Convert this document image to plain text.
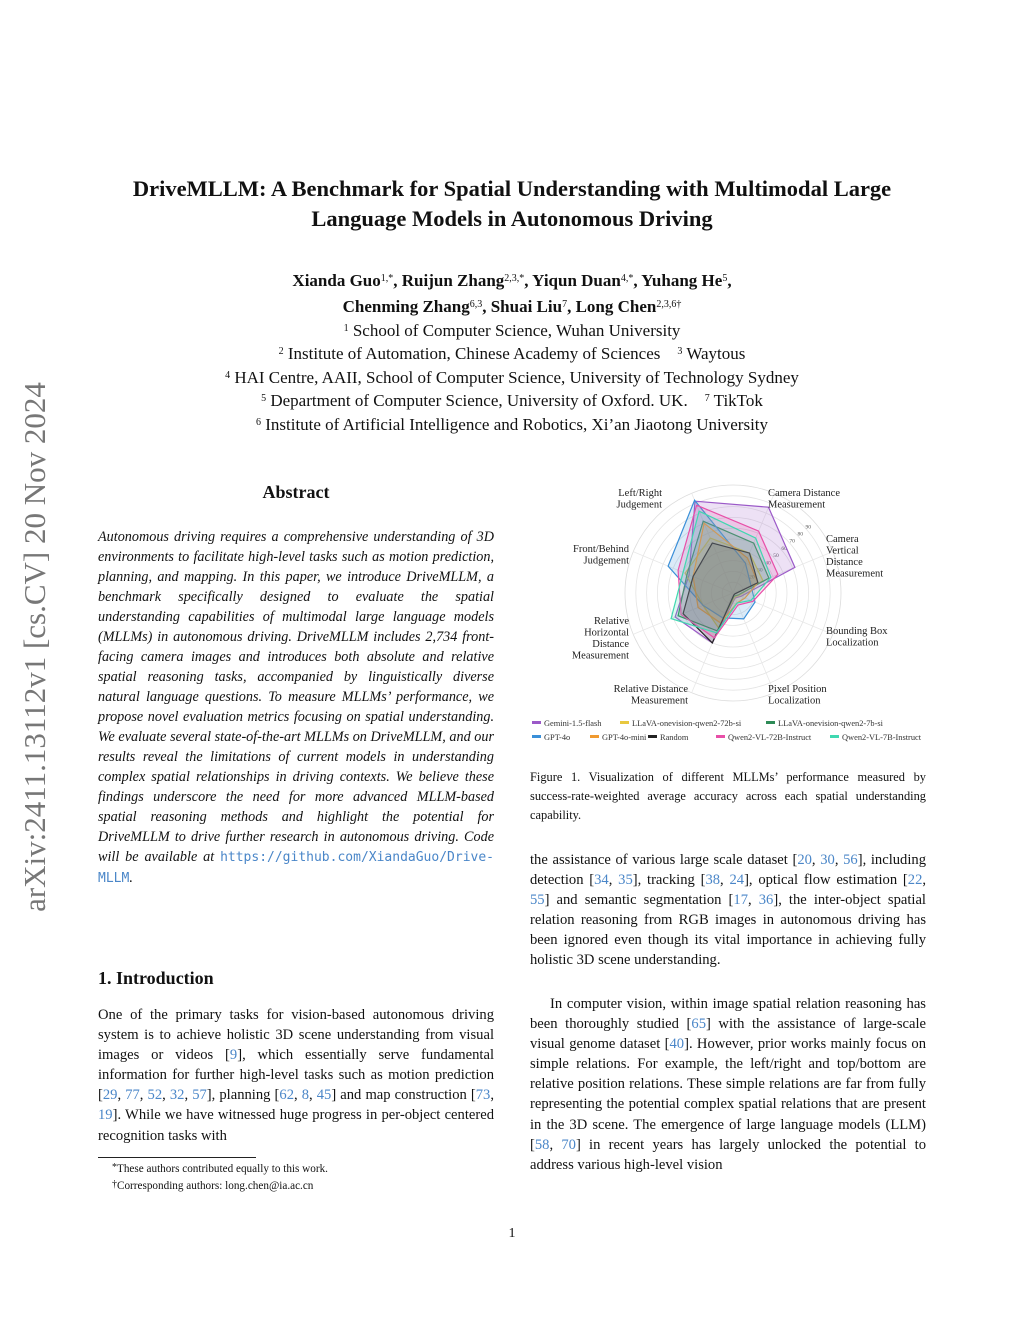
arXiv:2411.13112v1 [cs.CV] 20 Nov 2024
DriveMLLM: A Benchmark for Spatial Understanding with Multimodal Large
Language Models in Autonomous Driving
Xianda Guo$^{1,*}$, Ruijun Zhang$^{2,3,*}$, Yiqun Duan$^{4,*}$, Yuhang He$^5$,
Chenming Zhang$^{6,3}$, Shuai Liu$^7$, Long Chen$^{2,3,6\dagger}$
$^1$ School of Computer Science, Wuhan University
$^2$ Institute of Automation, Chinese Academy of Sciences $^3$ Waytous
$^4$ HAI Centre, AAII, School of Computer Science, University of Technology Sydney
$^5$ Department of Computer Science, University of Oxford. UK. $^7$ TikTok
$^6$ Institute of Artificial Intelligence and Robotics, Xi’an Jiaotong University
Abstract
Autonomous driving requires a comprehensive understanding of 3D environments to facilitate high-level tasks such as motion prediction, planning, and mapping. In this paper, we introduce DriveMLLM, a benchmark specifically designed to evaluate the spatial understanding capabilities of multimodal large language models (MLLMs) in autonomous driving. DriveMLLM includes 2,734 front-facing camera images and introduces both absolute and relative spatial reasoning tasks, accompanied by linguistically diverse natural language questions. To measure MLLMs’ performance, we propose novel evaluation metrics focusing on spatial understanding. We evaluate several state-of-the-art MLLMs on DriveMLLM, and our results reveal the limitations of current models in understanding complex spatial relationships in driving contexts. We believe these findings underscore the need for more advanced MLLM-based spatial reasoning methods and highlight the potential for DriveMLLM to drive further research in autonomous driving. Code will be available at https://github.com/XiandaGuo/Drive-MLLM.
1. Introduction
One of the primary tasks for vision-based autonomous driving system is to achieve holistic 3D scene understanding from visual images or videos [9], which essentially serve fundamental information for further high-level tasks such as motion prediction [29, 77, 52, 32, 57], planning [62, 8, 45] and map construction [73, 19]. While we have witnessed huge progress in per-object centered recognition tasks with
*These authors contributed equally to this work.
†Corresponding authors: long.chen@ia.ac.cn
20
30
40
50
60
70
80
90
Left/Right Judgement
Camera Distance Measurement
Camera Vertical Distance Measurement
Bounding Box Localization
Pixel Position Localization
Relative Distance Measurement
Relative Horizontal Distance Measurement
Front/Behind Judgement
Gemini-1.5-flash	LLaVA-onevision-qwen2-72b-si	LLaVA-onevision-qwen2-7b-si
GPT-4o	GPT-4o-mini Random	Qwen2-VL-72B-Instruct	Qwen2-VL-7B-Instruct
Figure 1. Visualization of different MLLMs’ performance measured by success-rate-weighted average accuracy across each spatial understanding capability.
the assistance of various large scale dataset [20, 30, 56], including detection [34, 35], tracking [38, 24], optical flow estimation [22, 55] and semantic segmentation [17, 36], the inter-object spatial relation reasoning from RGB images in autonomous driving has been ignored even though its vital importance in achieving fully holistic 3D scene understanding.
In computer vision, within image spatial relation reasoning has been thoroughly studied [65] with the assistance of large-scale visual genome dataset [40]. However, prior works mainly focus on simple relations. For example, the left/right and top/bottom are relative position relations. These simple relations are far from fully representing the potential complex spatial relations that are present in the 3D scene. The emergence of large language models (LLM) [58, 70] in recent years has largely unlocked the potential to address various high-level vision
1
